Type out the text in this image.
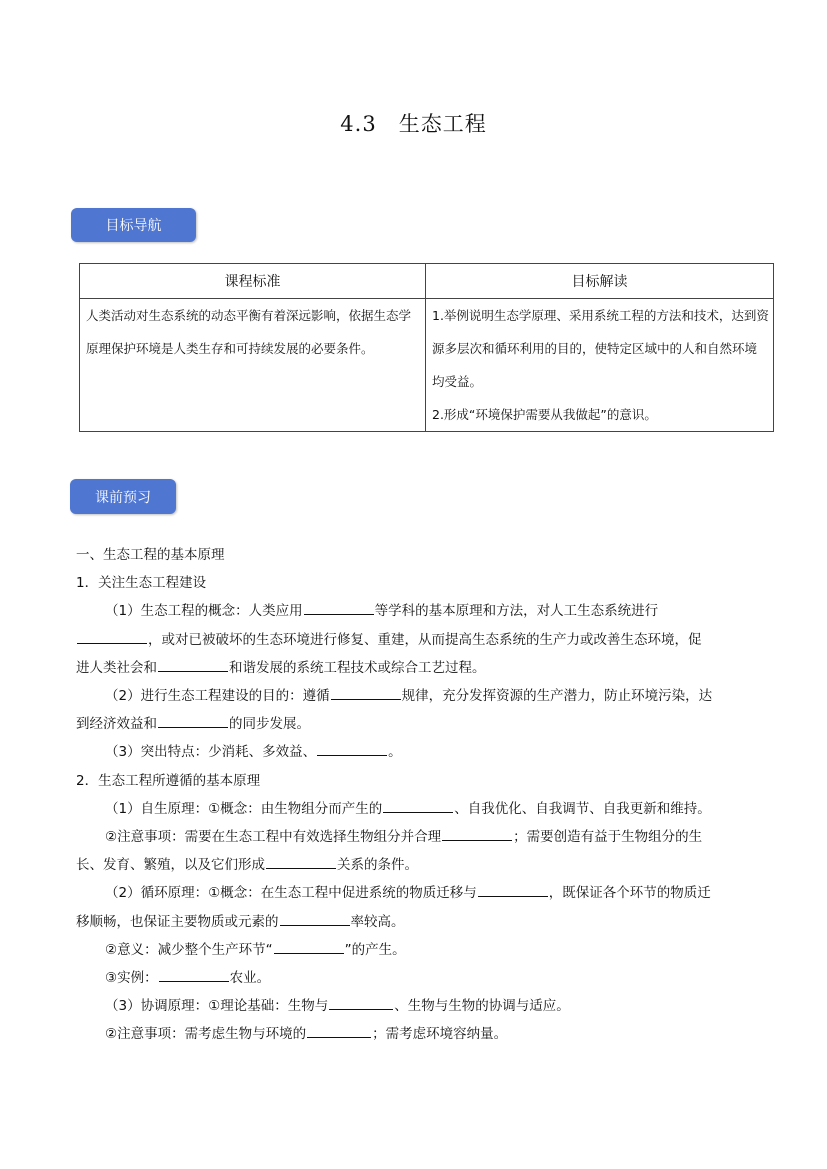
4.3　生态工程
目标导航
课程标准	目标解读

人类活动对生态系统的动态平衡有着深远影响，依据生态学原理保护环境是人类生存和可持续发展的必要条件。	1.举例说明生态学原理、采用系统工程的方法和技术，达到资源多层次和循环利用的目的，使特定区域中的人和自然环境均受益。

2.形成“环境保护需要从我做起”的意识。

课前预习
一、生态工程的基本原理
1．关注生态工程建设
（1）生态工程的概念：人类应用	等学科的基本原理和方法，对人工生态系统进行
，或对已被破坏的生态环境进行修复、重建，从而提高生态系统的生产力或改善生态环境，促
进人类社会和	和谐发展的系统工程技术或综合工艺过程。
（2）进行生态工程建设的目的：遵循	规律，充分发挥资源的生产潜力，防止环境污染，达
到经济效益和	的同步发展。
（3）突出特点：少消耗、多效益、	。
2．生态工程所遵循的基本原理
（1）自生原理：①概念：由生物组分而产生的	、自我优化、自我调节、自我更新和维持。
②注意事项：需要在生态工程中有效选择生物组分并合理	；需要创造有益于生物组分的生
长、发育、繁殖，以及它们形成	关系的条件。
（2）循环原理：①概念：在生态工程中促进系统的物质迁移与	，既保证各个环节的物质迁
移顺畅，也保证主要物质或元素的	率较高。
②意义：减少整个生产环节“	”的产生。
③实例：	农业。
（3）协调原理：①理论基础：生物与	、生物与生物的协调与适应。
②注意事项：需考虑生物与环境的	；需考虑环境容纳量。
